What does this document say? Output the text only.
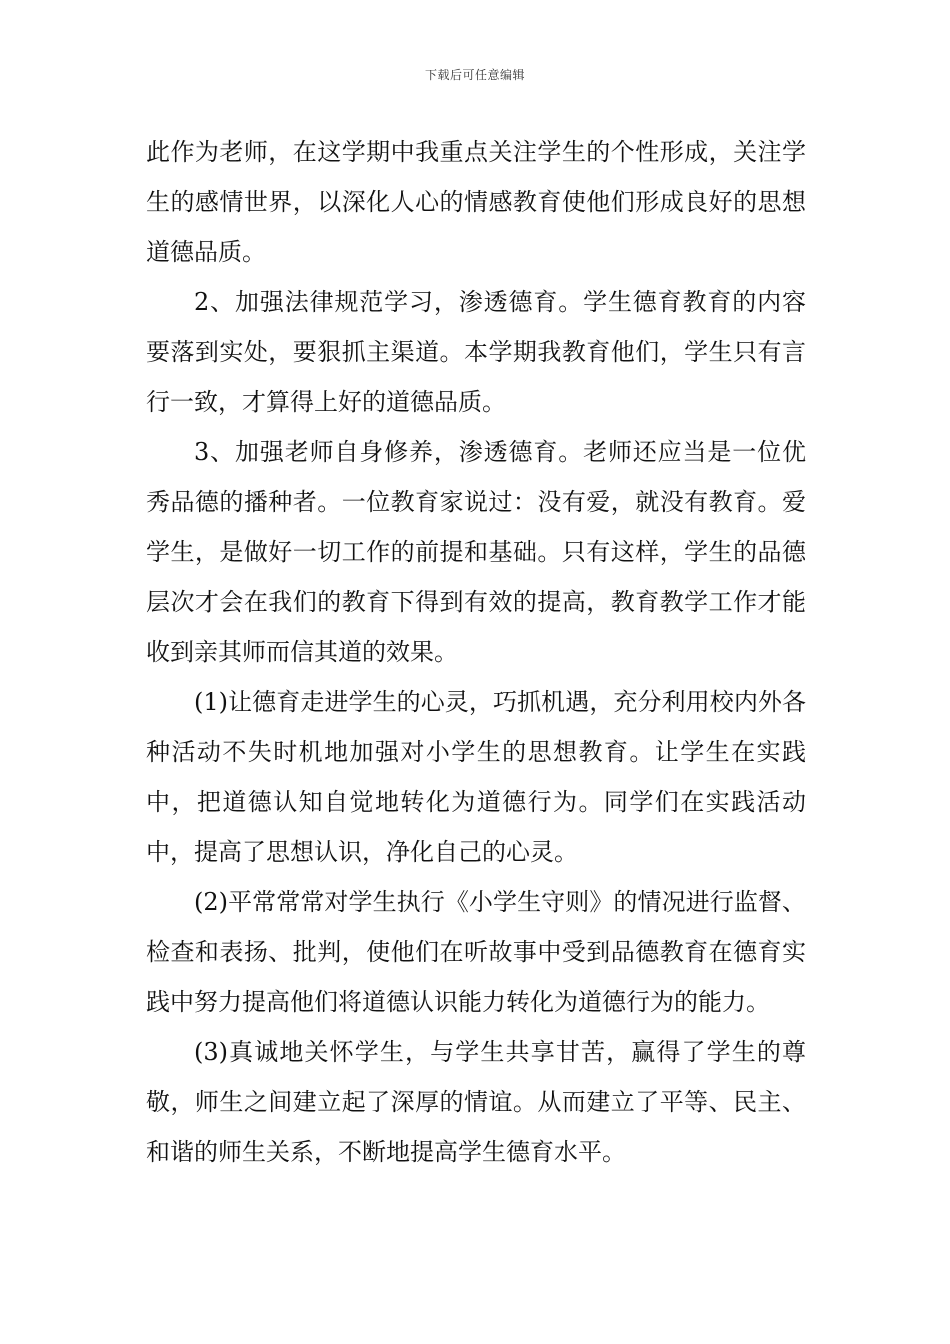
下载后可任意编辑

此作为老师，在这学期中我重点关注学生的个性形成，关注学生的感情世界，以深化人心的情感教育使他们形成良好的思想道德品质。

2、加强法律规范学习，渗透德育。学生德育教育的内容要落到实处，要狠抓主渠道。本学期我教育他们，学生只有言行一致，才算得上好的道德品质。

3、加强老师自身修养，渗透德育。老师还应当是一位优秀品德的播种者。一位教育家说过：没有爱，就没有教育。爱学生，是做好一切工作的前提和基础。只有这样，学生的品德层次才会在我们的教育下得到有效的提高，教育教学工作才能收到亲其师而信其道的效果。

(1)让德育走进学生的心灵，巧抓机遇，充分利用校内外各种活动不失时机地加强对小学生的思想教育。让学生在实践中，把道德认知自觉地转化为道德行为。同学们在实践活动中，提高了思想认识，净化自己的心灵。

(2)平常常常对学生执行《小学生守则》的情况进行监督、检查和表扬、批判，使他们在听故事中受到品德教育在德育实践中努力提高他们将道德认识能力转化为道德行为的能力。

(3)真诚地关怀学生，与学生共享甘苦，赢得了学生的尊敬，师生之间建立起了深厚的情谊。从而建立了平等、民主、和谐的师生关系，不断地提高学生德育水平。
